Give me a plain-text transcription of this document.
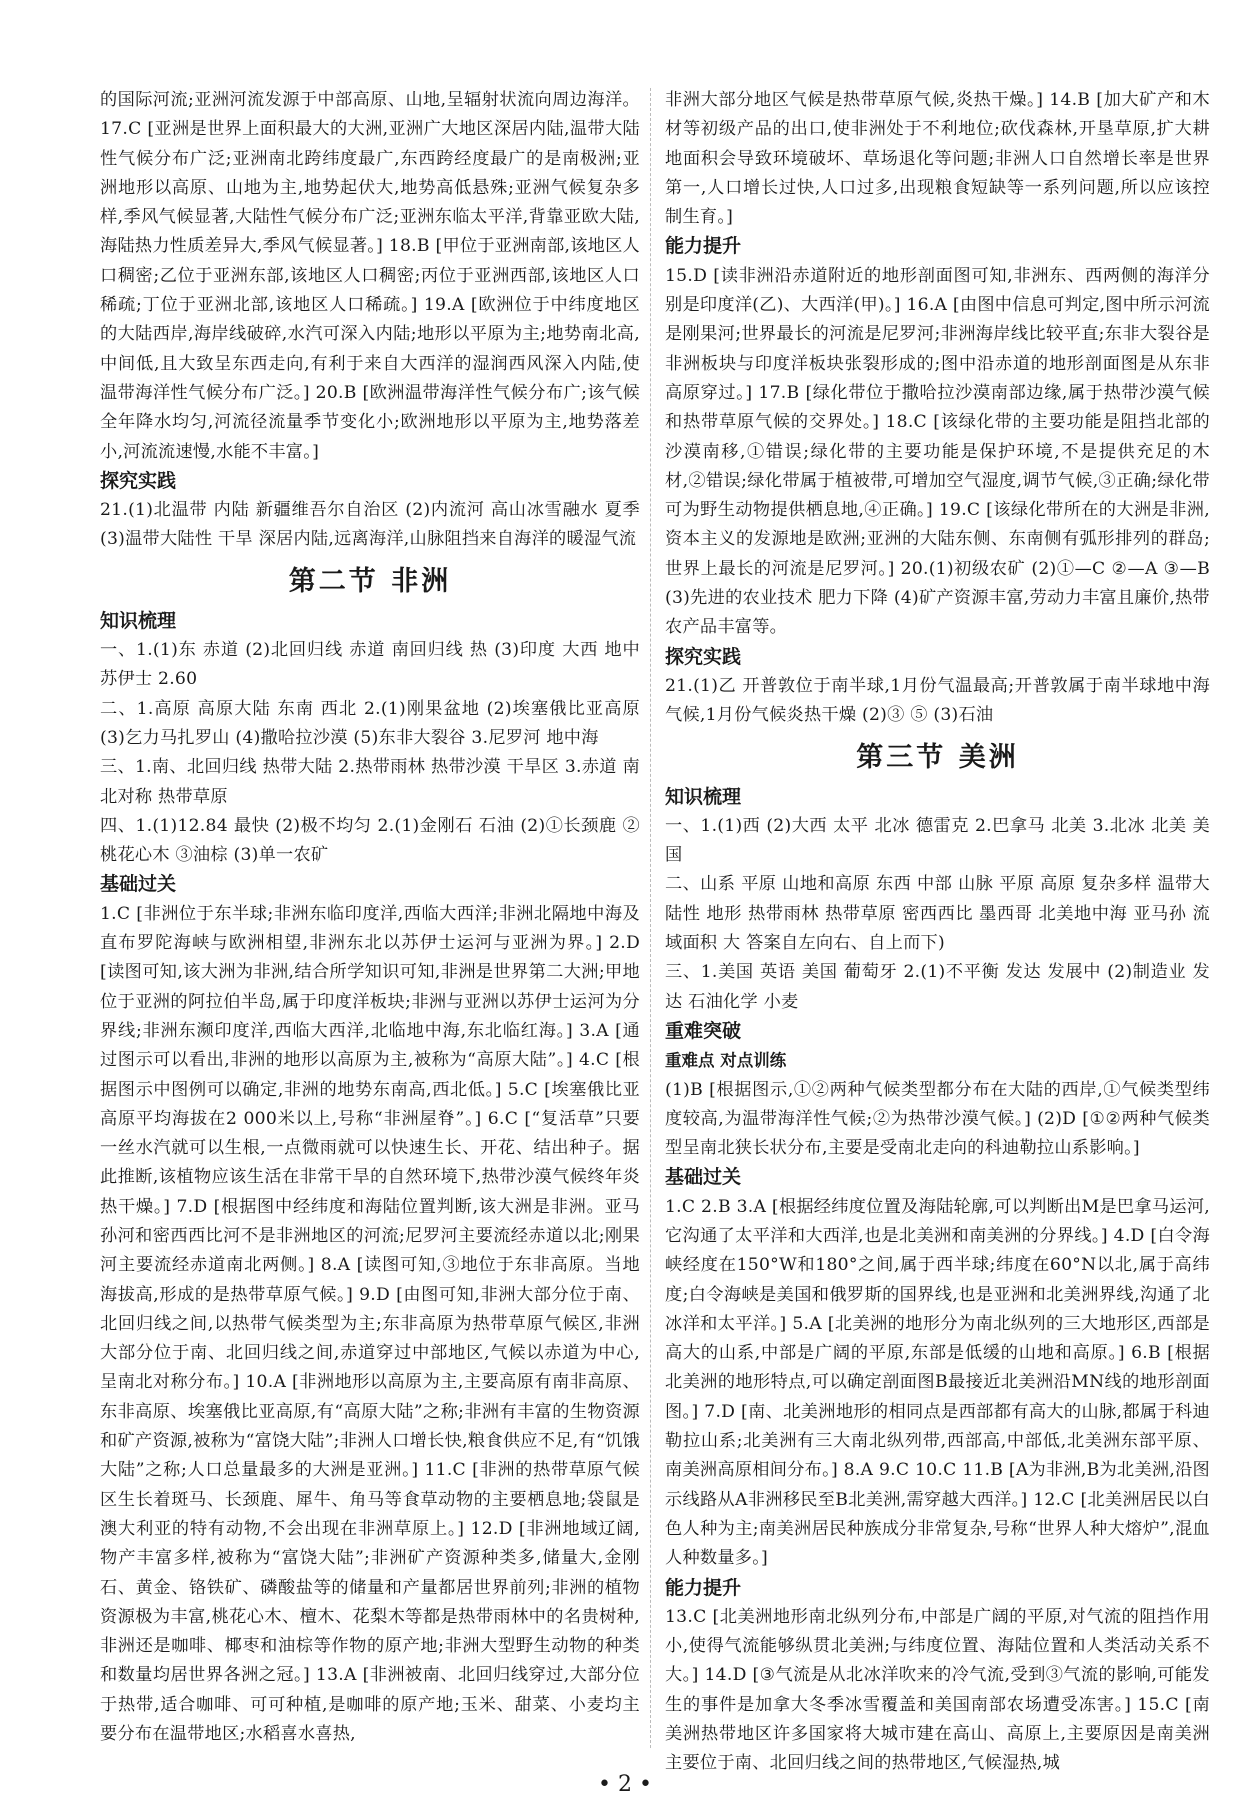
的国际河流;亚洲河流发源于中部高原、山地,呈辐射状流向周边海洋。 17.C [亚洲是世界上面积最大的大洲,亚洲广大地区深居内陆,温带大陆性气候分布广泛;亚洲南北跨纬度最广,东西跨经度最广的是南极洲;亚洲地形以高原、山地为主,地势起伏大,地势高低悬殊;亚洲气候复杂多样,季风气候显著,大陆性气候分布广泛;亚洲东临太平洋,背靠亚欧大陆,海陆热力性质差异大,季风气候显著。] 18.B [甲位于亚洲南部,该地区人口稠密;乙位于亚洲东部,该地区人口稠密;丙位于亚洲西部,该地区人口稀疏;丁位于亚洲北部,该地区人口稀疏。] 19.A [欧洲位于中纬度地区的大陆西岸,海岸线破碎,水汽可深入内陆;地形以平原为主;地势南北高,中间低,且大致呈东西走向,有利于来自大西洋的湿润西风深入内陆,使温带海洋性气候分布广泛。] 20.B [欧洲温带海洋性气候分布广;该气候全年降水均匀,河流径流量季节变化小;欧洲地形以平原为主,地势落差小,河流流速慢,水能不丰富。]
探究实践
21.(1)北温带 内陆 新疆维吾尔自治区 (2)内流河 高山冰雪融水 夏季 (3)温带大陆性 干旱 深居内陆,远离海洋,山脉阻挡来自海洋的暖湿气流
第二节 非洲
知识梳理
一、1.(1)东 赤道 (2)北回归线 赤道 南回归线 热 (3)印度 大西 地中 苏伊士 2.60
二、1.高原 高原大陆 东南 西北 2.(1)刚果盆地 (2)埃塞俄比亚高原 (3)乞力马扎罗山 (4)撒哈拉沙漠 (5)东非大裂谷 3.尼罗河 地中海
三、1.南、北回归线 热带大陆 2.热带雨林 热带沙漠 干旱区 3.赤道 南北对称 热带草原
四、1.(1)12.84 最快 (2)极不均匀 2.(1)金刚石 石油 (2)①长颈鹿 ②桃花心木 ③油棕 (3)单一农矿
基础过关
1.C [非洲位于东半球;非洲东临印度洋,西临大西洋;非洲北隔地中海及直布罗陀海峡与欧洲相望,非洲东北以苏伊士运河与亚洲为界。] 2.D [读图可知,该大洲为非洲,结合所学知识可知,非洲是世界第二大洲;甲地位于亚洲的阿拉伯半岛,属于印度洋板块;非洲与亚洲以苏伊士运河为分界线;非洲东濒印度洋,西临大西洋,北临地中海,东北临红海。] 3.A [通过图示可以看出,非洲的地形以高原为主,被称为“高原大陆”。] 4.C [根据图示中图例可以确定,非洲的地势东南高,西北低。] 5.C [埃塞俄比亚高原平均海拔在2 000米以上,号称“非洲屋脊”。] 6.C [“复活草”只要一丝水汽就可以生根,一点微雨就可以快速生长、开花、结出种子。据此推断,该植物应该生活在非常干旱的自然环境下,热带沙漠气候终年炎热干燥。] 7.D [根据图中经纬度和海陆位置判断,该大洲是非洲。亚马孙河和密西西比河不是非洲地区的河流;尼罗河主要流经赤道以北;刚果河主要流经赤道南北两侧。] 8.A [读图可知,③地位于东非高原。当地海拔高,形成的是热带草原气候。] 9.D [由图可知,非洲大部分位于南、北回归线之间,以热带气候类型为主;东非高原为热带草原气候区,非洲大部分位于南、北回归线之间,赤道穿过中部地区,气候以赤道为中心,呈南北对称分布。] 10.A [非洲地形以高原为主,主要高原有南非高原、东非高原、埃塞俄比亚高原,有“高原大陆”之称;非洲有丰富的生物资源和矿产资源,被称为“富饶大陆”;非洲人口增长快,粮食供应不足,有“饥饿大陆”之称;人口总量最多的大洲是亚洲。] 11.C [非洲的热带草原气候区生长着斑马、长颈鹿、犀牛、角马等食草动物的主要栖息地;袋鼠是澳大利亚的特有动物,不会出现在非洲草原上。] 12.D [非洲地域辽阔,物产丰富多样,被称为“富饶大陆”;非洲矿产资源种类多,储量大,金刚石、黄金、铬铁矿、磷酸盐等的储量和产量都居世界前列;非洲的植物资源极为丰富,桃花心木、檀木、花梨木等都是热带雨林中的名贵树种,非洲还是咖啡、椰枣和油棕等作物的原产地;非洲大型野生动物的种类和数量均居世界各洲之冠。] 13.A [非洲被南、北回归线穿过,大部分位于热带,适合咖啡、可可种植,是咖啡的原产地;玉米、甜菜、小麦均主要分布在温带地区;水稻喜水喜热,
非洲大部分地区气候是热带草原气候,炎热干燥。] 14.B [加大矿产和木材等初级产品的出口,使非洲处于不利地位;砍伐森林,开垦草原,扩大耕地面积会导致环境破坏、草场退化等问题;非洲人口自然增长率是世界第一,人口增长过快,人口过多,出现粮食短缺等一系列问题,所以应该控制生育。]
能力提升
15.D [读非洲沿赤道附近的地形剖面图可知,非洲东、西两侧的海洋分别是印度洋(乙)、大西洋(甲)。] 16.A [由图中信息可判定,图中所示河流是刚果河;世界最长的河流是尼罗河;非洲海岸线比较平直;东非大裂谷是非洲板块与印度洋板块张裂形成的;图中沿赤道的地形剖面图是从东非高原穿过。] 17.B [绿化带位于撒哈拉沙漠南部边缘,属于热带沙漠气候和热带草原气候的交界处。] 18.C [该绿化带的主要功能是阻挡北部的沙漠南移,①错误;绿化带的主要功能是保护环境,不是提供充足的木材,②错误;绿化带属于植被带,可增加空气湿度,调节气候,③正确;绿化带可为野生动物提供栖息地,④正确。] 19.C [该绿化带所在的大洲是非洲,资本主义的发源地是欧洲;亚洲的大陆东侧、东南侧有弧形排列的群岛;世界上最长的河流是尼罗河。] 20.(1)初级农矿 (2)①—C ②—A ③—B (3)先进的农业技术 肥力下降 (4)矿产资源丰富,劳动力丰富且廉价,热带农产品丰富等。
探究实践
21.(1)乙 开普敦位于南半球,1月份气温最高;开普敦属于南半球地中海气候,1月份气候炎热干燥 (2)③ ⑤ (3)石油
第三节 美洲
知识梳理
一、1.(1)西 (2)大西 太平 北冰 德雷克 2.巴拿马 北美 3.北冰 北美 美国
二、山系 平原 山地和高原 东西 中部 山脉 平原 高原 复杂多样 温带大陆性 地形 热带雨林 热带草原 密西西比 墨西哥 北美地中海 亚马孙 流域面积 大 答案自左向右、自上而下)
三、1.美国 英语 美国 葡萄牙 2.(1)不平衡 发达 发展中 (2)制造业 发达 石油化学 小麦
重难突破
重难点 对点训练
(1)B [根据图示,①②两种气候类型都分布在大陆的西岸,①气候类型纬度较高,为温带海洋性气候;②为热带沙漠气候。] (2)D [①②两种气候类型呈南北狭长状分布,主要是受南北走向的科迪勒拉山系影响。]
基础过关
1.C 2.B 3.A [根据经纬度位置及海陆轮廓,可以判断出M是巴拿马运河,它沟通了太平洋和大西洋,也是北美洲和南美洲的分界线。] 4.D [白令海峡经度在150°W和180°之间,属于西半球;纬度在60°N以北,属于高纬度;白令海峡是美国和俄罗斯的国界线,也是亚洲和北美洲界线,沟通了北冰洋和太平洋。] 5.A [北美洲的地形分为南北纵列的三大地形区,西部是高大的山系,中部是广阔的平原,东部是低缓的山地和高原。] 6.B [根据北美洲的地形特点,可以确定剖面图B最接近北美洲沿MN线的地形剖面图。] 7.D [南、北美洲地形的相同点是西部都有高大的山脉,都属于科迪勒拉山系;北美洲有三大南北纵列带,西部高,中部低,北美洲东部平原、南美洲高原相间分布。] 8.A 9.C 10.C 11.B [A为非洲,B为北美洲,沿图示线路从A非洲移民至B北美洲,需穿越大西洋。] 12.C [北美洲居民以白色人种为主;南美洲居民种族成分非常复杂,号称“世界人种大熔炉”,混血人种数量多。]
能力提升
13.C [北美洲地形南北纵列分布,中部是广阔的平原,对气流的阻挡作用小,使得气流能够纵贯北美洲;与纬度位置、海陆位置和人类活动关系不大。] 14.D [③气流是从北冰洋吹来的冷气流,受到③气流的影响,可能发生的事件是加拿大冬季冰雪覆盖和美国南部农场遭受冻害。] 15.C [南美洲热带地区许多国家将大城市建在高山、高原上,主要原因是南美洲主要位于南、北回归线之间的热带地区,气候湿热,城
• 2 •
